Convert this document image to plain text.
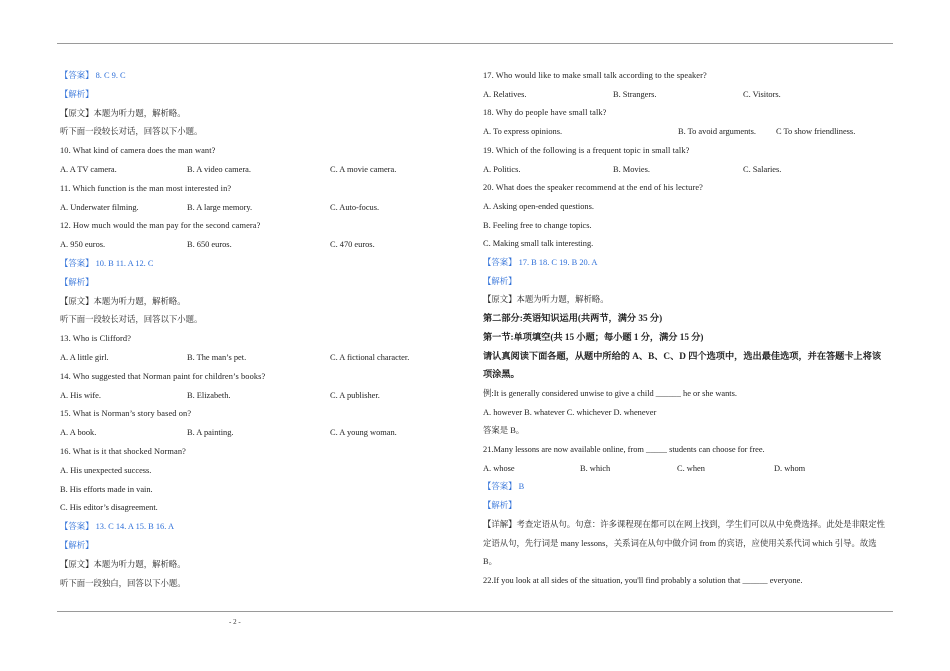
【答案】 8. C 9. C
【解析】
【原文】本题为听力题，解析略。
听下面一段较长对话，回答以下小题。
10. What kind of camera does the man want?
A. A TV camera.	B. A video camera.	C. A movie camera.
11. Which function is the man most interested in?
A. Underwater filming.	B. A large memory.	C. Auto-focus.
12. How much would the man pay for the second camera?
A. 950 euros.	B. 650 euros.	C. 470 euros.
【答案】 10. B 11. A 12. C
【解析】
【原文】本题为听力题，解析略。
听下面一段较长对话，回答以下小题。
13. Who is Clifford?
A. A little girl.	B. The man’s pet.	C. A fictional character.
14. Who suggested that Norman paint for children’s books?
A. His wife.	B. Elizabeth.	C. A publisher.
15. What is Norman’s story based on?
A. A book.	B. A painting.	C. A young woman.
16. What is it that shocked Norman?
A. His unexpected success.
B. His efforts made in vain.
C. His editor’s disagreement.
【答案】 13. C 14. A 15. B 16. A
【解析】
【原文】本题为听力题，解析略。
听下面一段独白，回答以下小题。
17. Who would like to make small talk according to the speaker?
A. Relatives.	B. Strangers.	C. Visitors.
18. Why do people have small talk?
A. To express opinions.	B. To avoid arguments. C To show friendliness.
19. Which of the following is a frequent topic in small talk?
A. Politics.	B. Movies.	C. Salaries.
20. What does the speaker recommend at the end of his lecture?
A. Asking open-ended questions.
B. Feeling free to change topics.
C. Making small talk interesting.
【答案】 17. B 18. C 19. B 20. A
【解析】
【原文】本题为听力题，解析略。
第二部分:英语知识运用(共两节，满分 35 分)
第一节:单项填空(共 15 小题；每小题 1 分，满分 15 分)
请认真阅读下面各题，从题中所给的 A、B、C、D 四个选项中，选出最佳选项，并在答题卡上将该
项涂黑。
例:It is generally considered unwise to give a child ______ he or she wants.
A. however B. whatever C. whichever D. whenever
答案是 B。
21.Many lessons are now available online, from _____ students can choose for free.
A. whose	B. which	C. when	D. whom
【答案】 B
【解析】
【详解】考查定语从句。句意：许多课程现在都可以在网上找到，学生们可以从中免费选择。此处是非限定性
定语从句，先行词是 many lessons，关系词在从句中做介词 from 的宾语，应使用关系代词 which 引导。故选
B。
22.If you look at all sides of the situation, you'll find probably a solution that ______ everyone.
- 2 -
